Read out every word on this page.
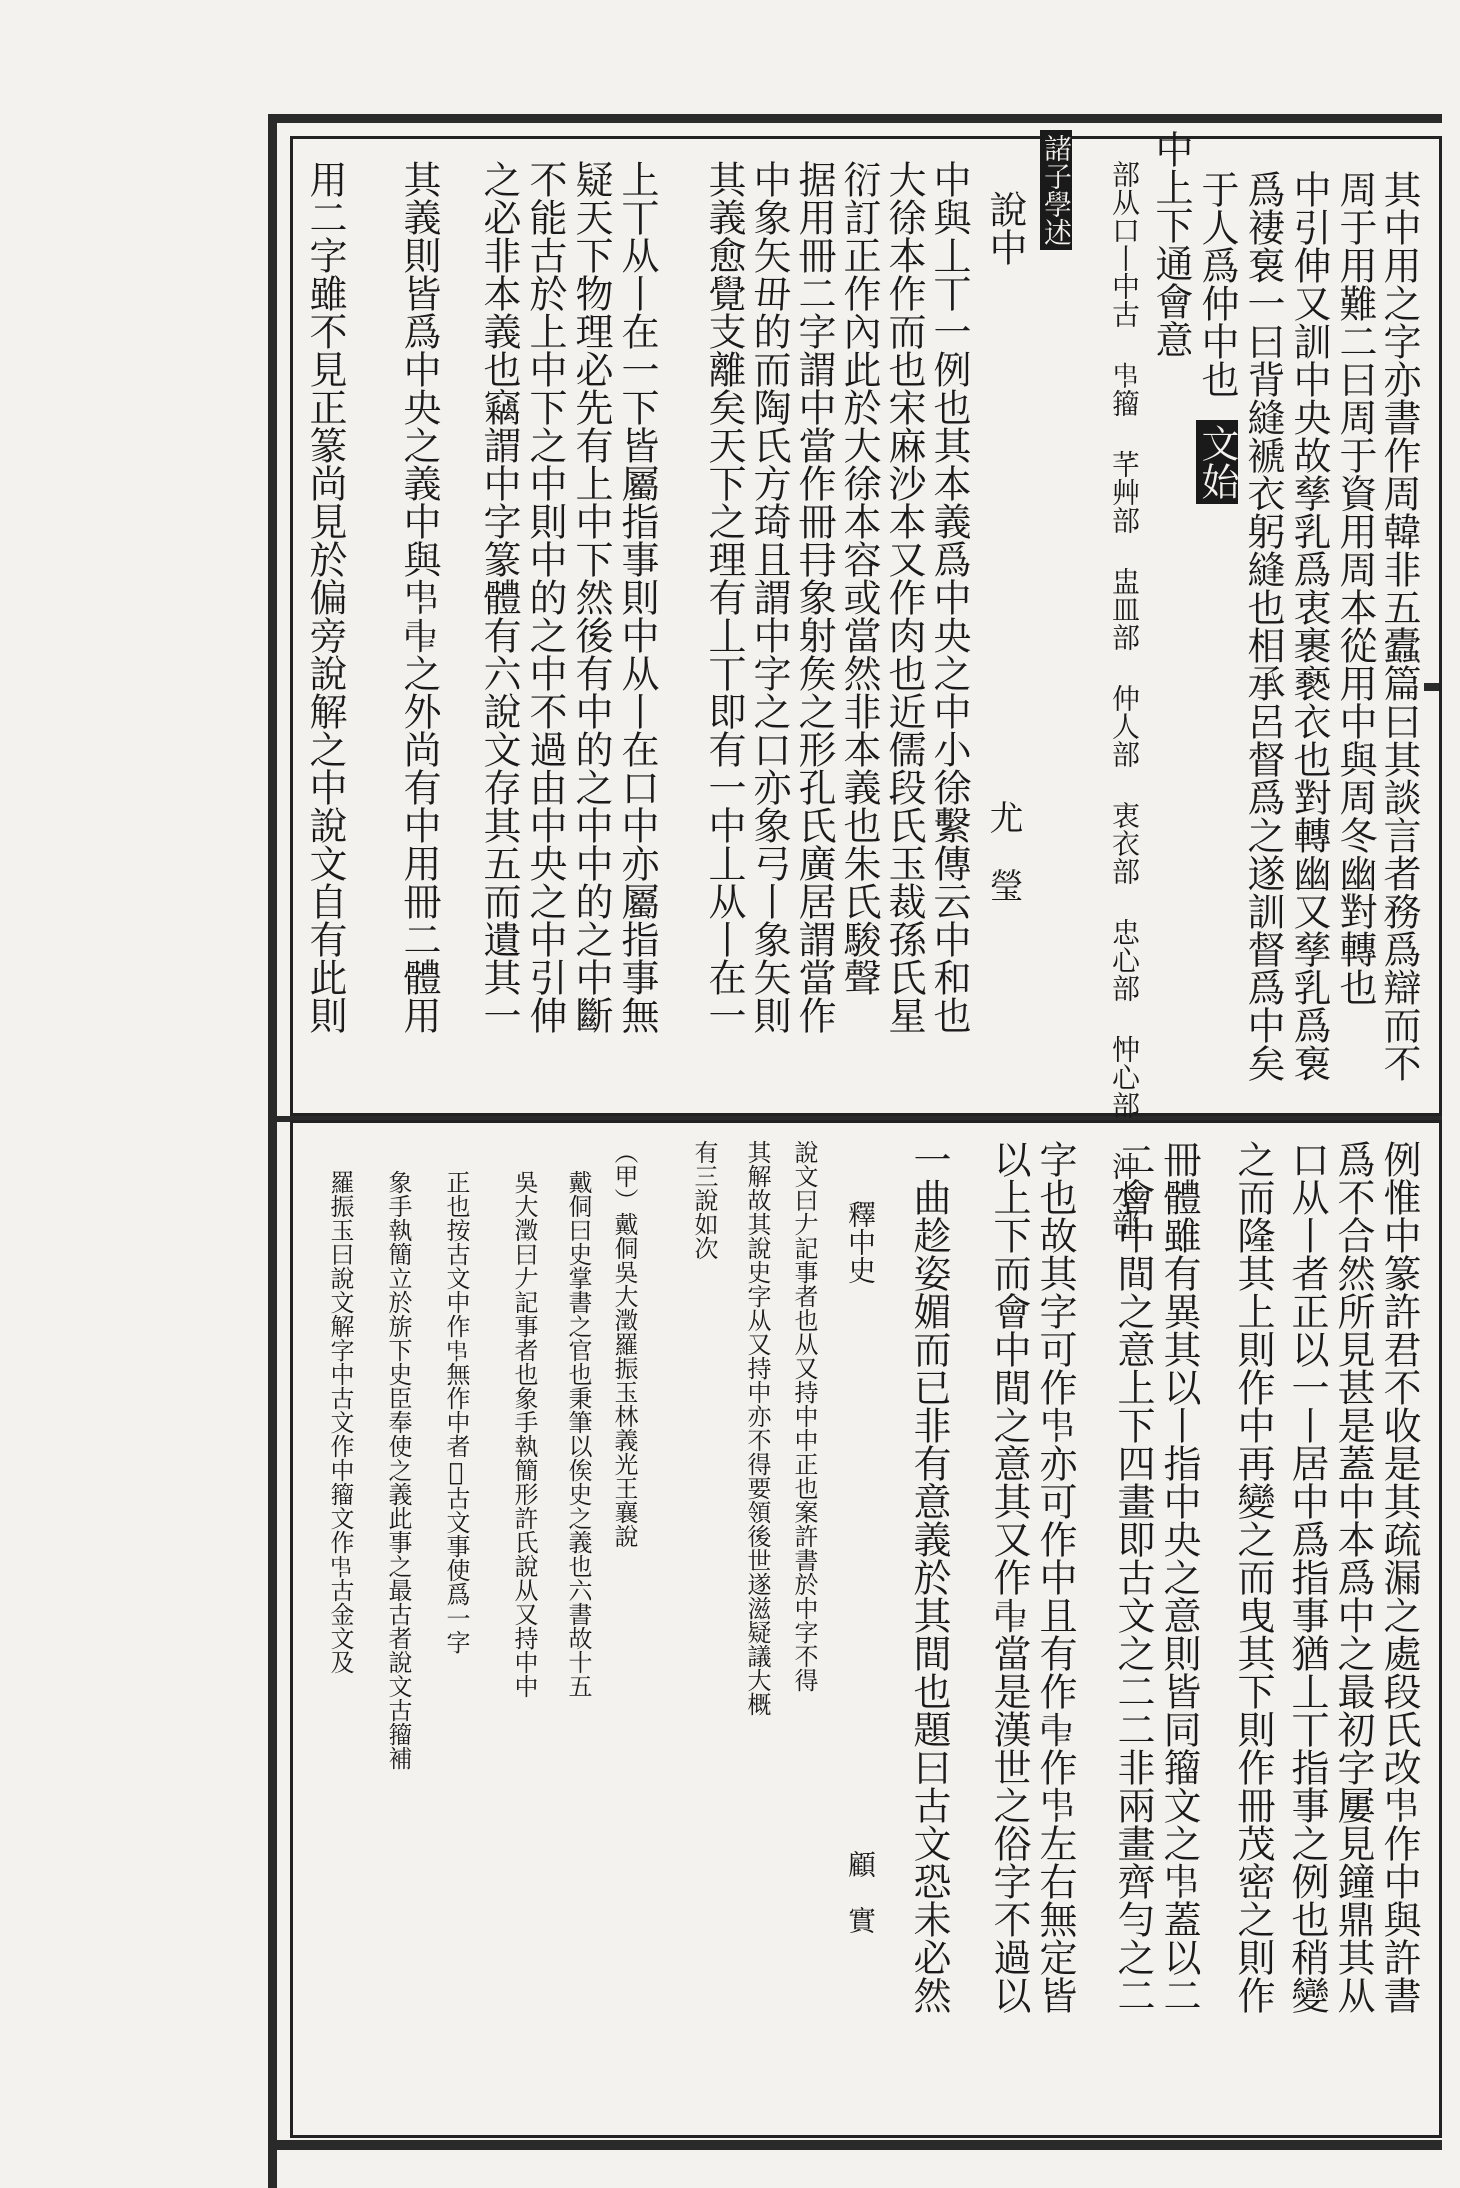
其中用之字亦書作周韓非五蠹篇曰其談言者務爲辯而不
周于用難二曰周于資用周本從用中與周冬幽對轉也
中引伸又訓中央故孳乳爲衷裹褻衣也對轉幽又孳乳爲袌
爲褄袌一曰背縫褫衣躬縫也相承呂督爲之遂訓督爲中矣
于人爲仲中也
文始
中上下通會意
部从口丨中古 𠁧籀 芊艸部 盅皿部 仲人部 衷衣部 忠心部 忡心部 沖水部
諸子學述
說中
尤　瑩
中與丄丅一例也其本義爲中央之中小徐繫傳云中和也
大徐本作而也宋麻沙本又作肉也近儒段氏玉裁孫氏星
衍訂正作內此於大徐本容或當然非本義也朱氏駿聲
据用冊二字謂中當作冊冄象射矦之形孔氏廣居謂當作
中象矢毌的而陶氏方琦且謂中字之口亦象弓丨象矢則
其義愈覺支離矣天下之理有丄丅即有一中丄从丨在一
上丅从丨在一下皆屬指事則中从丨在口中亦屬指事無
疑天下物理必先有上中下然後有中的之中中的之中斷
不能古於上中下之中則中的之中不過由中央之中引伸
之必非本義也竊謂中字篆體有六說文存其五而遺其一
其義則皆爲中央之義中與𠁧𠁩之外尚有中用冊二體用
用二字雖不見正篆尚見於偏旁說解之中說文自有此則
例惟中篆許君不收是其疏漏之處段氏改𠁧作中與許書
爲不合然所見甚是蓋中本爲中之最初字屢見鐘鼎其从
口从丨者正以一丨居中爲指事猶丄丅指事之例也稍變
之而隆其上則作中再變之而曳其下則作冊茂密之則作
冊體雖有異其以丨指中央之意則皆同籀文之𠁧蓋以二
二會中間之意上下四畫即古文之二二非兩畫齊勻之二
字也故其字可作𠁧亦可作中且有作𠁩作𠁧左右無定皆
以上下而會中間之意其又作𠁩當是漢世之俗字不過以
一曲趁姿媚而已非有意義於其間也題曰古文恐未必然
釋中史
顧　實
說文曰𠂇記事者也从又持中中正也案許書於中字不得
其解故其說史字从又持中亦不得要領後世遂滋疑議大概
有三說如次
（甲）戴侗吳大澂羅振玉林義光王襄說
戴侗曰史掌書之官也秉筆以俟史之義也六書故十五
吳大澂曰𠂇記事者也象手執簡形許氏說从又持中中
正也按古文中作𠁧無作中者𡘪古文事使爲一字
象手執簡立於旂下史臣奉使之義此事之最古者說文古籀補
羅振玉曰說文解字中古文作中籀文作𠁧古金文及
